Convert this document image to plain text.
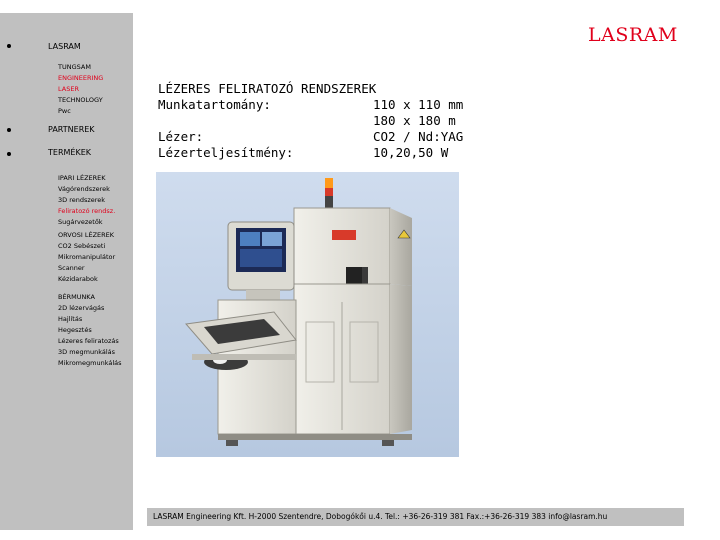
LASRAM
TUNGSAM
ENGINEERING
LASER
TECHNOLOGY
Pwc
PARTNEREK
TERMÉKEK
IPARI LÉZEREK
Vágórendszerek
3D rendszerek
Feliratozó rendsz.
Sugárvezetők
ORVOSI LÉZEREK
CO2 Sebészeti
Mikromanipulátor
Scanner
Kézidarabok
BÉRMUNKA
2D lézervágás
Hajlítás
Hegesztés
Lézeres feliratozás
3D megmunkálás
Mikromegmunkálás
LASRAM
LÉZERES FELIRATOZÓ RENDSZEREK
Munkatartomány:	110 x 110 mm
180 x 180 m
Lézer:	CO2 / Nd:YAG
Lézerteljesítmény:	10,20,50 W
LASRAM Engineering Kft. H-2000 Szentendre, Dobogókői u.4. Tel.: +36-26-319 381 Fax.:+36-26-319 383 info@lasram.hu
